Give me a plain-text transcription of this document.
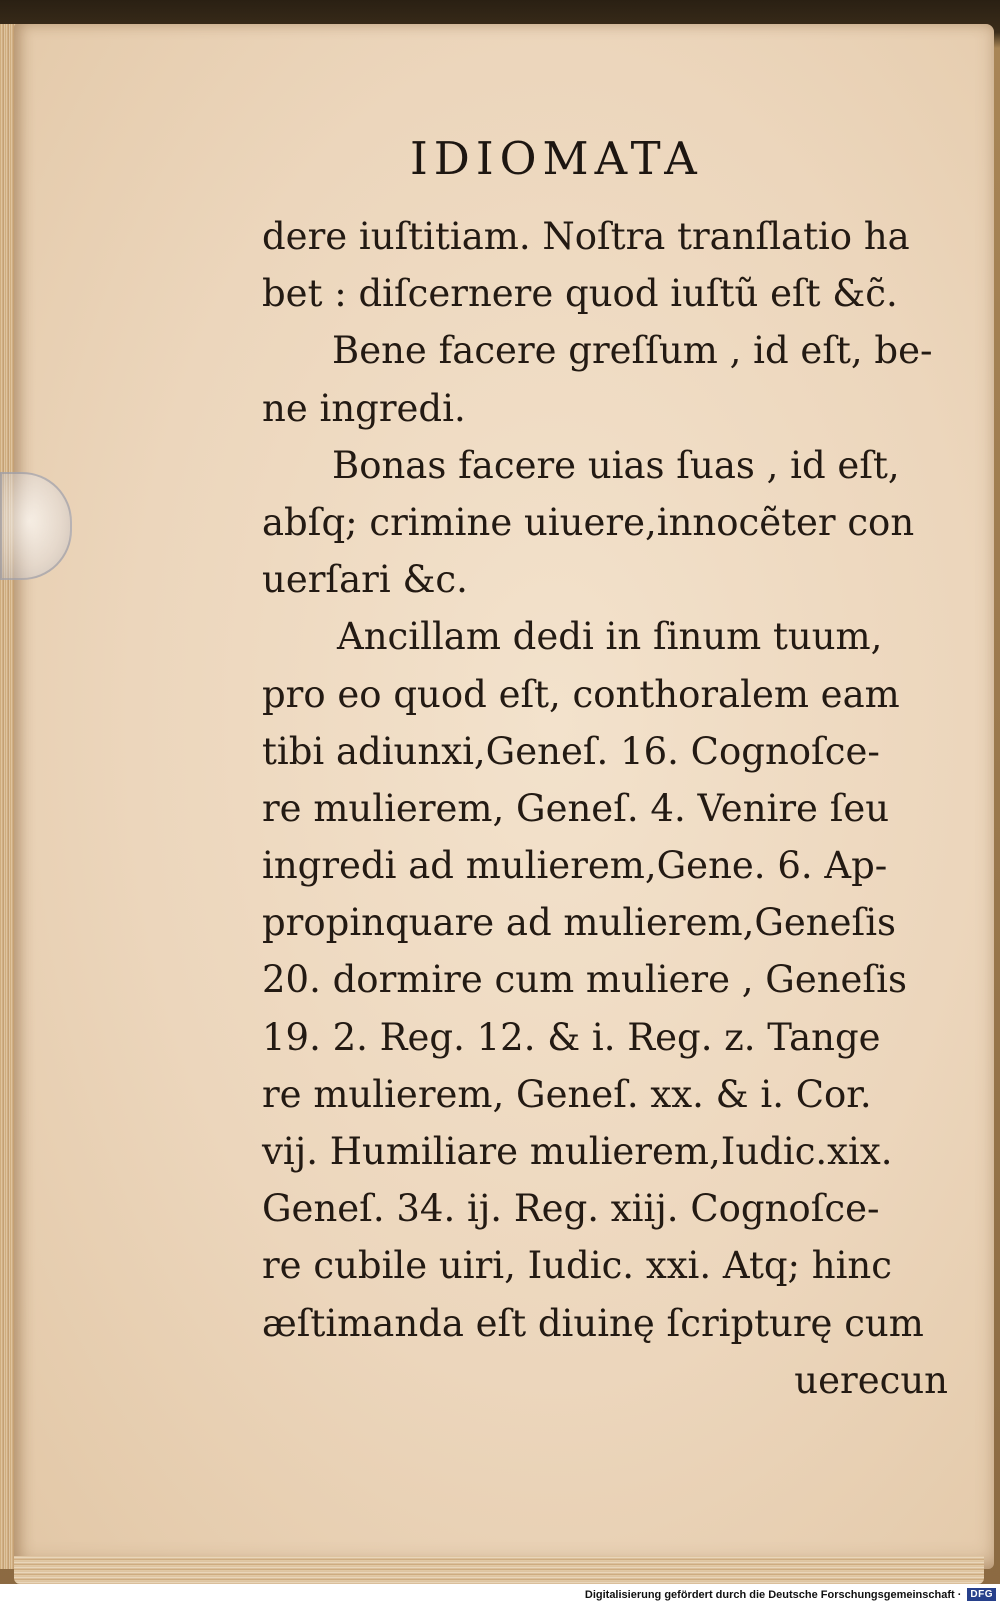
IDIOMATA
dere iuſtitiam. Noſtra tranſlatio ha
bet : diſcernere quod iuſtũ eſt &c̃.
Bene facere greſſum , id eſt, be-
ne ingredi.
Bonas facere uias ſuas , id eſt,
abſq; crimine uiuere,innocẽter con
uerſari &c.
Ancillam dedi in ſinum tuum,
pro eo quod eſt, conthoralem eam
tibi adiunxi,Geneſ. 16. Cognoſce-
re mulierem, Geneſ. 4. Venire ſeu
ingredi ad mulierem,Gene. 6. Ap-
propinquare ad mulierem,Geneſis
20. dormire cum muliere , Geneſis
19. 2. Reg. 12. & i. Reg. z. Tange
re mulierem, Geneſ. xx. & i. Cor.
vij. Humiliare mulierem,Iudic.xix.
Geneſ. 34. ij. Reg. xiij. Cognoſce-
re cubile uiri, Iudic. xxi. Atq; hinc
æſtimanda eſt diuinę ſcripturę cum
uerecun
Digitalisierung gefördert durch die Deutsche Forschungsgemeinschaft · DFG
